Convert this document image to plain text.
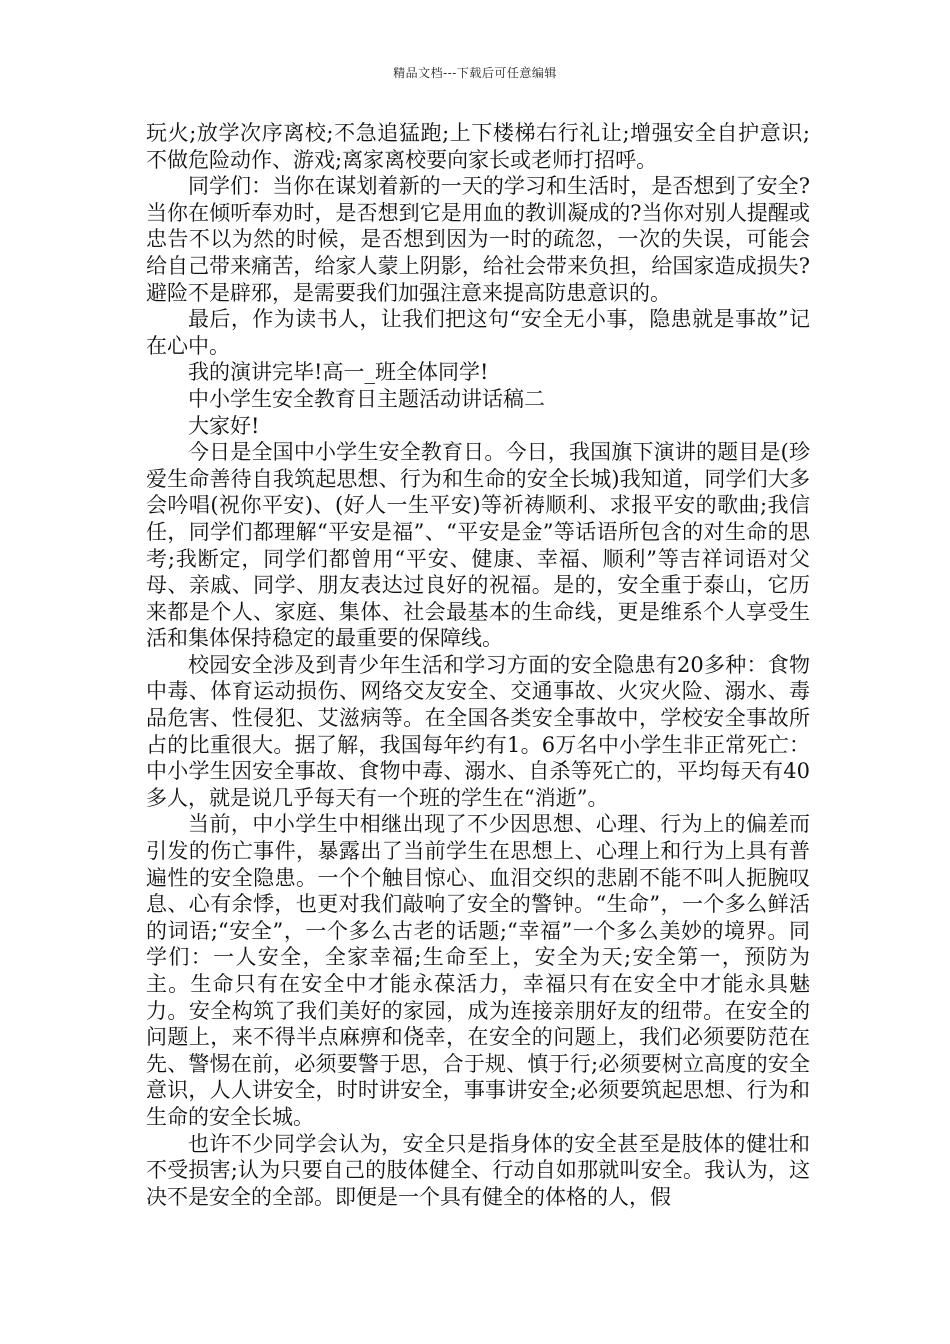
精品文档---下载后可任意编辑

玩火;放学次序离校;不急追猛跑;上下楼梯右行礼让;增强安全自护意识;不做危险动作、游戏;离家离校要向家长或老师打招呼。

同学们：当你在谋划着新的一天的学习和生活时，是否想到了安全?当你在倾听奉劝时，是否想到它是用血的教训凝成的?当你对别人提醒或忠告不以为然的时候，是否想到因为一时的疏忽，一次的失误，可能会给自己带来痛苦，给家人蒙上阴影，给社会带来负担，给国家造成损失?避险不是辟邪，是需要我们加强注意来提高防患意识的。

最后，作为读书人，让我们把这句“安全无小事，隐患就是事故”记在心中。

我的演讲完毕!高一_班全体同学!

中小学生安全教育日主题活动讲话稿二

大家好!

今日是全国中小学生安全教育日。今日，我国旗下演讲的题目是(珍爱生命善待自我筑起思想、行为和生命的安全长城)我知道，同学们大多会吟唱(祝你平安)、(好人一生平安)等祈祷顺利、求报平安的歌曲;我信任，同学们都理解“平安是福”、“平安是金”等话语所包含的对生命的思考;我断定，同学们都曾用“平安、健康、幸福、顺利”等吉祥词语对父母、亲戚、同学、朋友表达过良好的祝福。是的，安全重于泰山，它历来都是个人、家庭、集体、社会最基本的生命线，更是维系个人享受生活和集体保持稳定的最重要的保障线。

校园安全涉及到青少年生活和学习方面的安全隐患有20多种：食物中毒、体育运动损伤、网络交友安全、交通事故、火灾火险、溺水、毒品危害、性侵犯、艾滋病等。在全国各类安全事故中，学校安全事故所占的比重很大。据了解，我国每年约有1。6万名中小学生非正常死亡：中小学生因安全事故、食物中毒、溺水、自杀等死亡的，平均每天有40多人，就是说几乎每天有一个班的学生在“消逝”。

当前，中小学生中相继出现了不少因思想、心理、行为上的偏差而引发的伤亡事件，暴露出了当前学生在思想上、心理上和行为上具有普遍性的安全隐患。一个个触目惊心、血泪交织的悲剧不能不叫人扼腕叹息、心有余悸，也更对我们敲响了安全的警钟。“生命”，一个多么鲜活的词语;“安全”，一个多么古老的话题;“幸福”一个多么美妙的境界。同学们：一人安全，全家幸福;生命至上，安全为天;安全第一，预防为主。生命只有在安全中才能永葆活力，幸福只有在安全中才能永具魅力。安全构筑了我们美好的家园，成为连接亲朋好友的纽带。在安全的问题上，来不得半点麻痹和侥幸，在安全的问题上，我们必须要防范在先、警惕在前，必须要警于思，合于规、慎于行;必须要树立高度的安全意识，人人讲安全，时时讲安全，事事讲安全;必须要筑起思想、行为和生命的安全长城。

也许不少同学会认为，安全只是指身体的安全甚至是肢体的健壮和不受损害;认为只要自己的肢体健全、行动自如那就叫安全。我认为，这决不是安全的全部。即便是一个具有健全的体格的人，假
